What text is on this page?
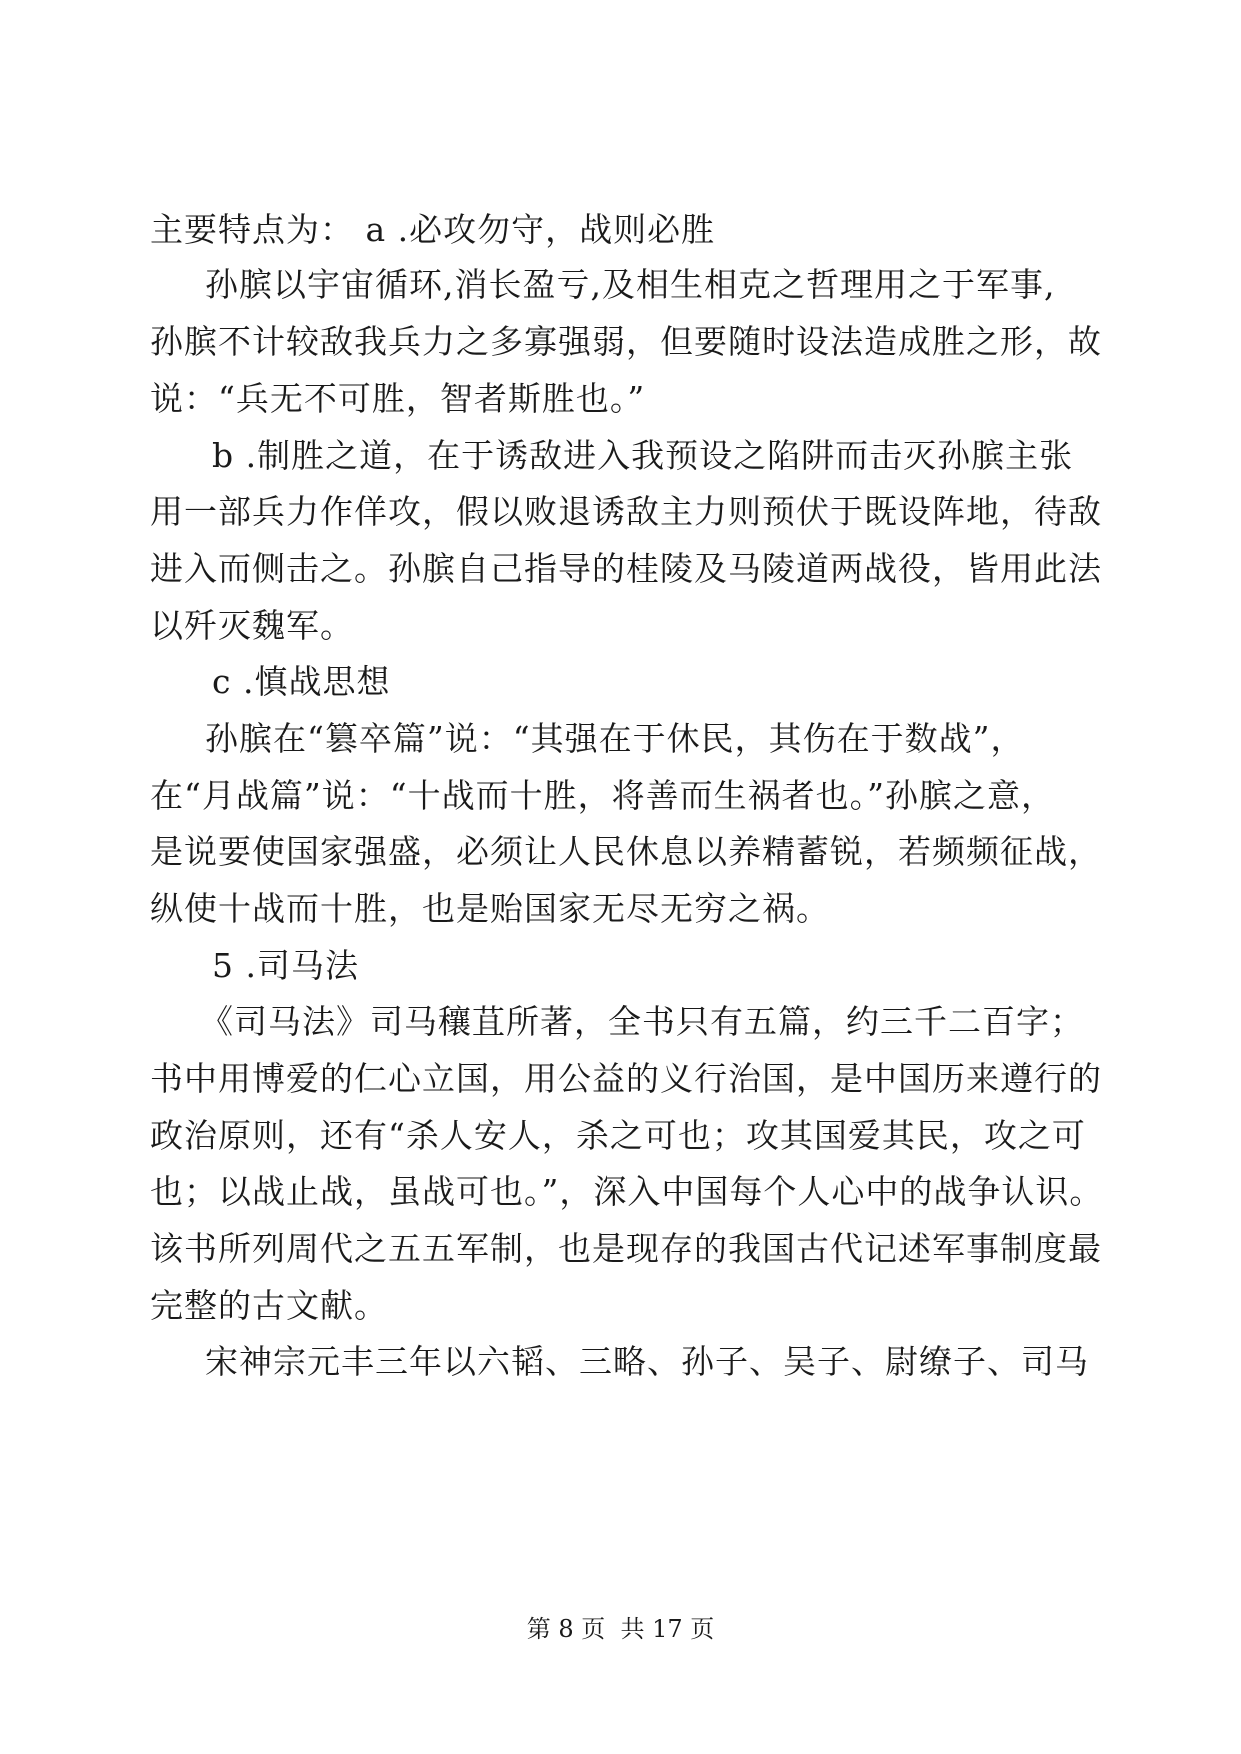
主要特点为： a .必攻勿守，战则必胜
孙膑以宇宙循环,消长盈亏,及相生相克之哲理用之于军事,
孙膑不计较敌我兵力之多寡强弱，但要随时设法造成胜之形，故
说：“兵无不可胜，智者斯胜也。”
b .制胜之道，在于诱敌进入我预设之陷阱而击灭孙膑主张
用一部兵力作佯攻，假以败退诱敌主力则预伏于既设阵地，待敌
进入而侧击之。孙膑自己指导的桂陵及马陵道两战役，皆用此法
以歼灭魏军。
c .慎战思想
孙膑在“篡卒篇”说：“其强在于休民，其伤在于数战”，
在“月战篇”说：“十战而十胜，将善而生祸者也。”孙膑之意，
是说要使国家强盛，必须让人民休息以养精蓄锐，若频频征战，
纵使十战而十胜，也是贻国家无尽无穷之祸。
5 .司马法
《司马法》司马穰苴所著，全书只有五篇，约三千二百字；
书中用博爱的仁心立国，用公益的义行治国，是中国历来遵行的
政治原则，还有“杀人安人，杀之可也；攻其国爱其民，攻之可
也；以战止战，虽战可也。”，深入中国每个人心中的战争认识。
该书所列周代之五五军制，也是现存的我国古代记述军事制度最
完整的古文献。
宋神宗元丰三年以六韬、三略、孙子、吴子、尉缭子、司马
第 8 页  共 17 页
